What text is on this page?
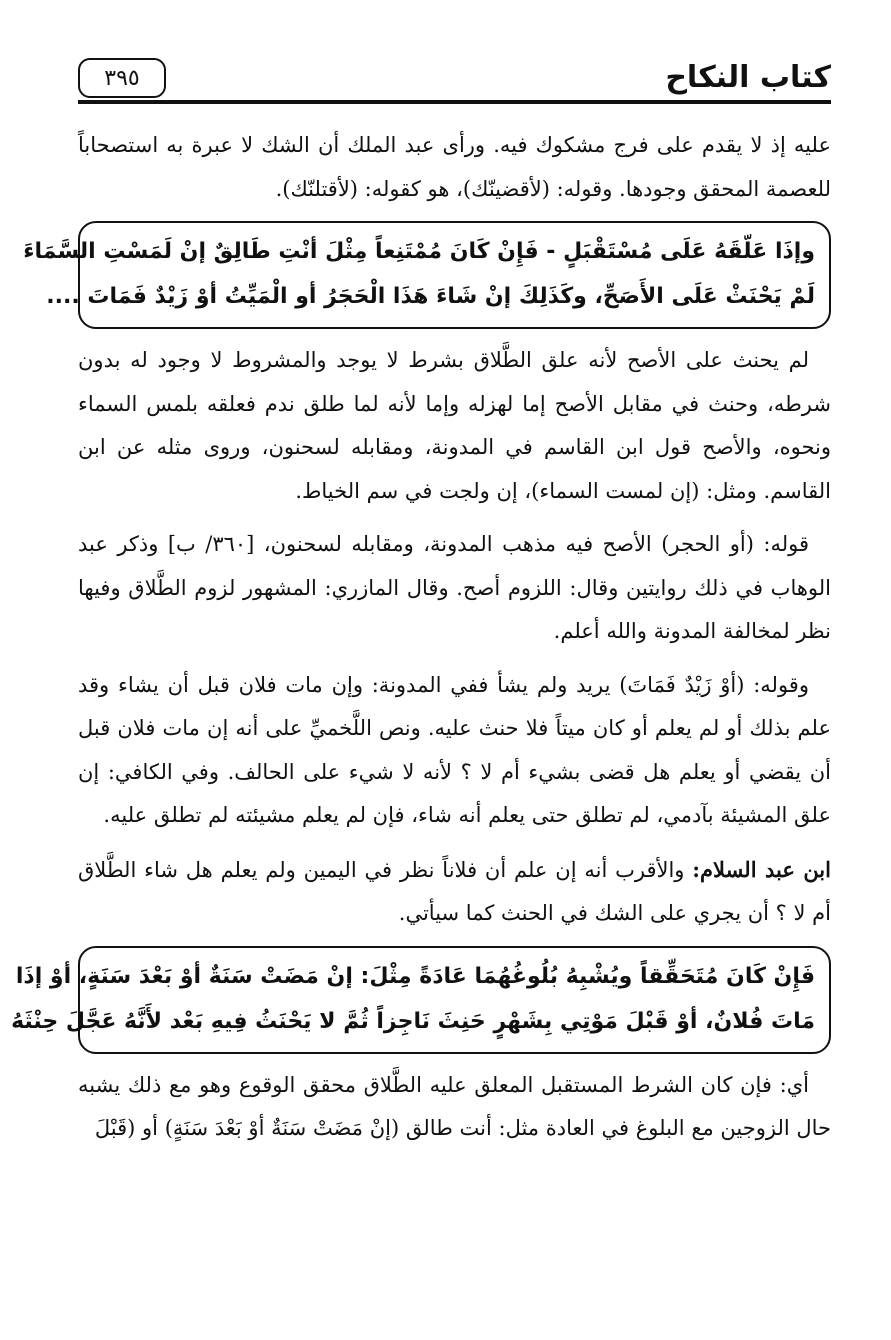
كتاب النكاح
٣٩٥

عليه إذ لا يقدم على فرج مشكوك فيه. ورأى عبد الملك أن الشك لا عبرة به استصحاباً للعصمة المحقق وجودها. وقوله: (لأقضينّك)، هو كقوله: (لأقتلنّك).

وإذَا عَلّقَهُ عَلَى مُسْتَقْبَلٍ - فَإِنْ كَانَ مُمْتَنِعاً مِثْلَ أنْتِ طَالِقٌ إنْ لَمَسْتِ السَّمَاءَ
لَمْ يَحْنَثْ عَلَى الأَصَحِّ، وكَذَلِكَ إنْ شَاءَ هَذَا الْحَجَرُ أو الْمَيِّتُ أوْ زَيْدٌ فَمَاتَ ....

لم يحنث على الأصح لأنه علق الطَّلاق بشرط لا يوجد والمشروط لا وجود له بدون شرطه، وحنث في مقابل الأصح إما لهزله وإما لأنه لما طلق ندم فعلقه بلمس السماء ونحوه، والأصح قول ابن القاسم في المدونة، ومقابله لسحنون، وروى مثله عن ابن القاسم. ومثل: (إن لمست السماء)، إن ولجت في سم الخياط.

قوله: (أو الحجر) الأصح فيه مذهب المدونة، ومقابله لسحنون، [٣٦٠/ ب] وذكر عبد الوهاب في ذلك روايتين وقال: اللزوم أصح. وقال المازري: المشهور لزوم الطَّلاق وفيها نظر لمخالفة المدونة والله أعلم.

وقوله: (أوْ زَيْدٌ فَمَاتَ) يريد ولم يشأ ففي المدونة: وإن مات فلان قبل أن يشاء وقد علم بذلك أو لم يعلم أو كان ميتاً فلا حنث عليه. ونص اللَّخميِّ على أنه إن مات فلان قبل أن يقضي أو يعلم هل قضى بشيء أم لا ؟ لأنه لا شيء على الحالف. وفي الكافي: إن علق المشيئة بآدمي، لم تطلق حتى يعلم أنه شاء، فإن لم يعلم مشيئته لم تطلق عليه.

ابن عبد السلام: والأقرب أنه إن علم أن فلاناً نظر في اليمين ولم يعلم هل شاء الطَّلاق أم لا ؟ أن يجري على الشك في الحنث كما سيأتي.

فَإِنْ كَانَ مُتَحَقِّقاً ويُشْبِهُ بُلُوغُهُمَا عَادَةً مِثْلَ: إنْ مَضَتْ سَنَةٌ أوْ بَعْدَ سَنَةٍ، أوْ إذَا
مَاتَ فُلانٌ، أوْ قَبْلَ مَوْتِي بِشَهْرٍ حَنِثَ نَاجِزاً ثُمَّ لا يَحْنَثُ فِيهِ بَعْد لأَنَّهُ عَجَّلَ حِنْثَهُ

أي: فإن كان الشرط المستقبل المعلق عليه الطَّلاق محقق الوقوع وهو مع ذلك يشبه حال الزوجين مع البلوغ في العادة مثل: أنت طالق (إنْ مَضَتْ سَنَةٌ أوْ بَعْدَ سَنَةٍ) أو (قَبْلَ
